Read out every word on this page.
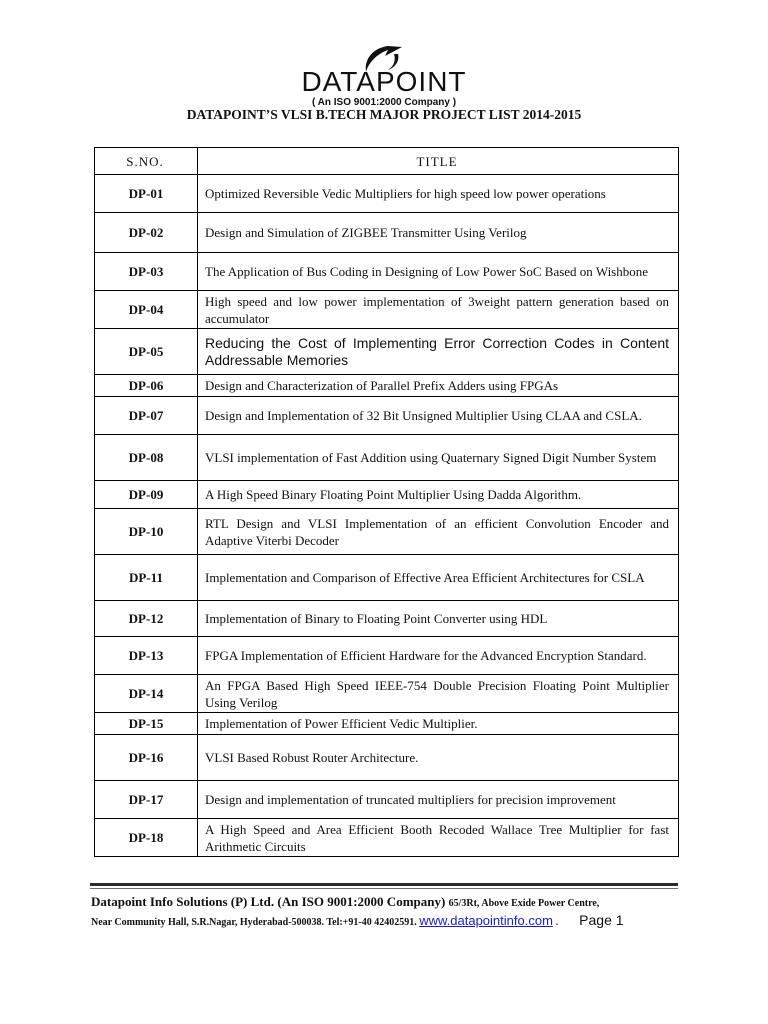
DATAPOINT
( An ISO 9001:2000 Company )
DATAPOINT’S VLSI B.TECH MAJOR PROJECT LIST 2014-2015
S.NO.	TITLE
DP-01	Optimized Reversible Vedic Multipliers for high speed low power operations
DP-02	Design and Simulation of ZIGBEE Transmitter Using Verilog
DP-03	The Application of Bus Coding in Designing of Low Power SoC Based on Wishbone
DP-04	High speed and low power implementation of 3weight pattern generation based on accumulator
DP-05	Reducing the Cost of Implementing Error Correction Codes in Content Addressable Memories
DP-06	Design and Characterization of Parallel Prefix Adders using FPGAs
DP-07	Design and Implementation of 32 Bit Unsigned Multiplier Using CLAA and CSLA.
DP-08	VLSI implementation of Fast Addition using Quaternary Signed Digit Number System
DP-09	A High Speed Binary Floating Point Multiplier Using Dadda Algorithm.
DP-10	RTL Design and VLSI Implementation of an efficient Convolution Encoder and Adaptive Viterbi Decoder
DP-11	Implementation and Comparison of Effective Area Efficient Architectures for CSLA
DP-12	Implementation of Binary to Floating Point Converter using HDL
DP-13	FPGA Implementation of Efficient Hardware for the Advanced Encryption Standard.
DP-14	An FPGA Based High Speed IEEE-754 Double Precision Floating Point Multiplier Using Verilog
DP-15	Implementation of Power Efficient Vedic Multiplier.
DP-16	VLSI Based Robust Router Architecture.
DP-17	Design and implementation of truncated multipliers for precision improvement
DP-18	A High Speed and Area Efficient Booth Recoded Wallace Tree Multiplier for fast Arithmetic Circuits
Datapoint Info Solutions (P) Ltd. (An ISO 9001:2000 Company) 65/3Rt, Above Exide Power Centre,
Near Community Hall, S.R.Nagar, Hyderabad-500038. Tel:+91-40 42402591. www.datapointinfo.com . Page 1
